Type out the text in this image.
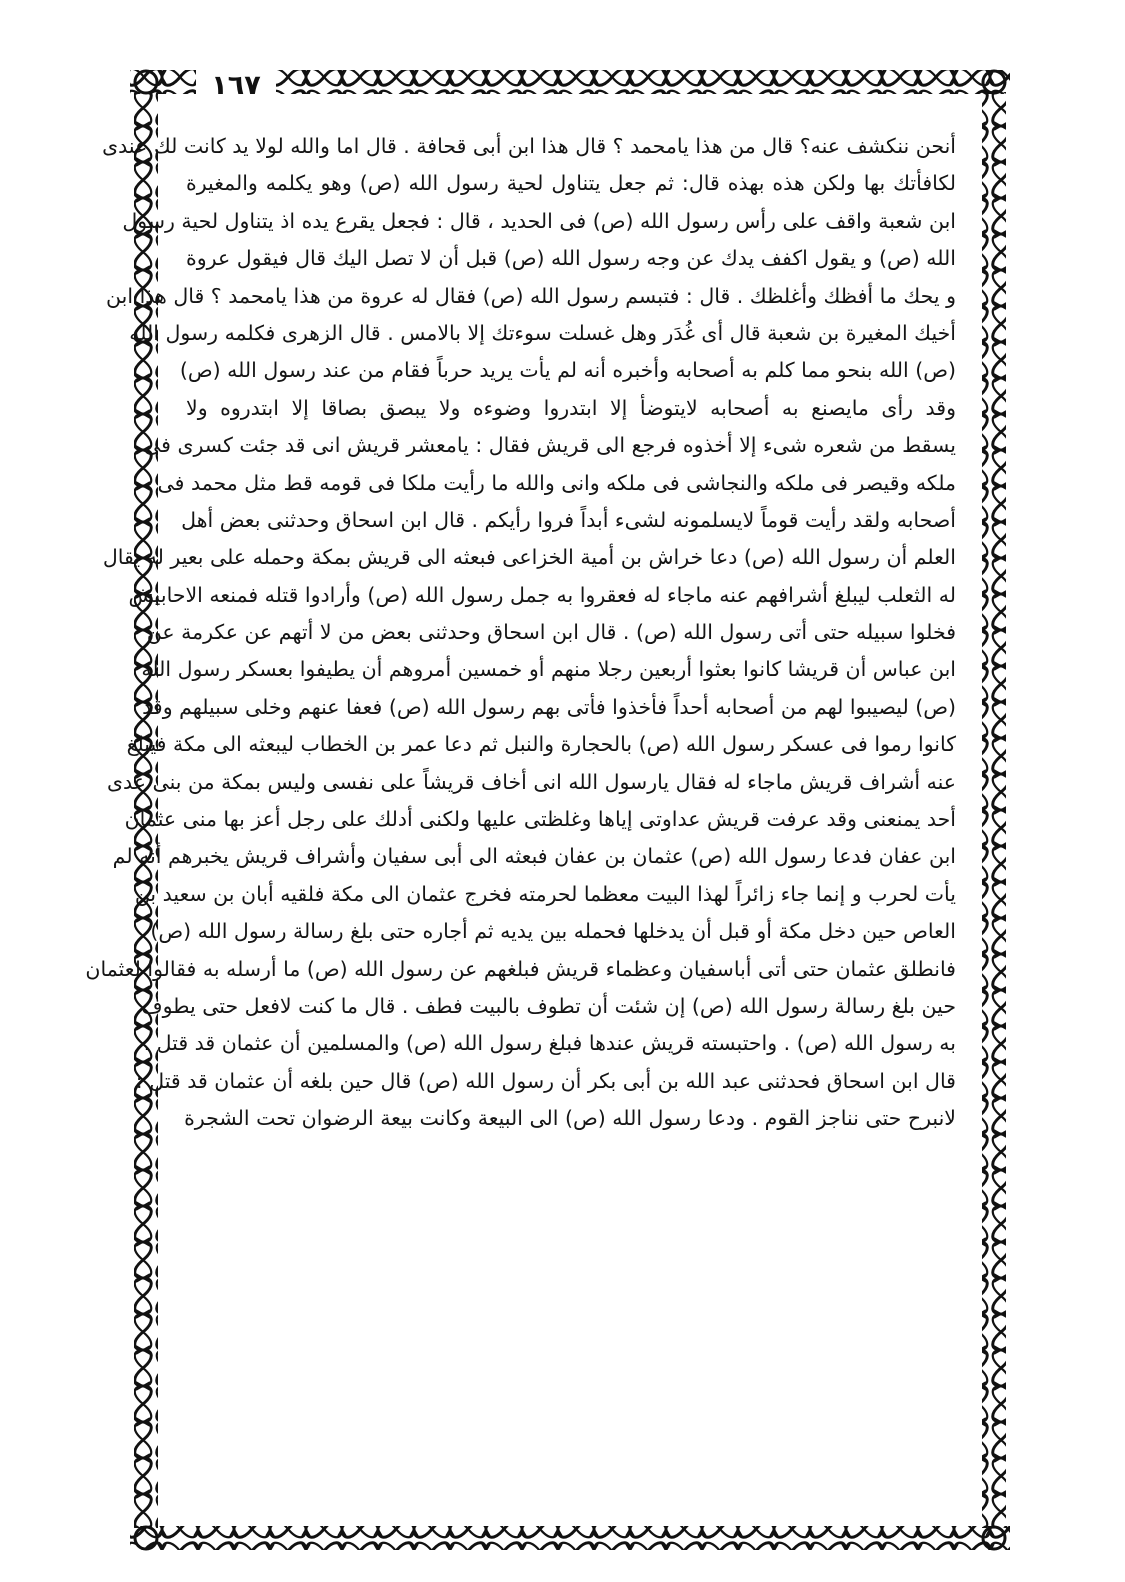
١٦٧
أنحن ننكشف عنه؟ قال من هذا يامحمد ؟ قال هذا ابن أبى قحافة . قال اما والله لولا يد كانت لك عندى
لكافأتك بها ولكن هذه بهذه قال: ثم جعل يتناول لحية رسول الله (ص) وهو يكلمه والمغيرة
ابن شعبة واقف على رأس رسول الله (ص) فى الحديد ، قال : فجعل يقرع يده اذ يتناول لحية رسول
الله (ص) و يقول اكفف يدك عن وجه رسول الله (ص) قبل أن لا تصل اليك قال فيقول عروة
و يحك ما أفظك وأغلظك . قال : فتبسم رسول الله (ص) فقال له عروة من هذا يامحمد ؟ قال هذا ابن
أخيك المغيرة بن شعبة قال أى غُدَر وهل غسلت سوءتك إلا بالامس . قال الزهرى فكلمه رسول الله
(ص) الله بنحو مما كلم به أصحابه وأخبره أنه لم يأت يريد حرباً فقام من عند رسول الله (ص)
وقد رأى مايصنع به أصحابه لايتوضأ إلا ابتدروا وضوءه ولا يبصق بصاقا إلا ابتدروه ولا
يسقط من شعره شىء إلا أخذوه فرجع الى قريش فقال : يامعشر قريش انى قد جئت كسرى فى
ملكه وقيصر فى ملكه والنجاشى فى ملكه وانى والله ما رأيت ملكا فى قومه قط مثل محمد فى
أصحابه ولقد رأيت قوماً لايسلمونه لشىء أبداً فروا رأيكم . قال ابن اسحاق وحدثنى بعض أهل
العلم أن رسول الله (ص) دعا خراش بن أمية الخزاعى فبعثه الى قريش بمكة وحمله على بعير له يقال
له الثعلب ليبلغ أشرافهم عنه ماجاء له فعقروا به جمل رسول الله (ص) وأرادوا قتله فمنعه الاحابيش
فخلوا سبيله حتى أتى رسول الله (ص) . قال ابن اسحاق وحدثنى بعض من لا أتهم عن عكرمة عن
ابن عباس أن قريشا كانوا بعثوا أربعين رجلا منهم أو خمسين أمروهم أن يطيفوا بعسكر رسول الله
(ص) ليصيبوا لهم من أصحابه أحداً فأخذوا فأتى بهم رسول الله (ص) فعفا عنهم وخلى سبيلهم وقد
كانوا رموا فى عسكر رسول الله (ص) بالحجارة والنبل ثم دعا عمر بن الخطاب ليبعثه الى مكة فيبلغ
عنه أشراف قريش ماجاء له فقال يارسول الله انى أخاف قريشاً على نفسى وليس بمكة من بنى عدى
أحد يمنعنى وقد عرفت قريش عداوتى إياها وغلظتى عليها ولكنى أدلك على رجل أعز بها منى عثمان
ابن عفان فدعا رسول الله (ص) عثمان بن عفان فبعثه الى أبى سفيان وأشراف قريش يخبرهم أنه لم
يأت لحرب و إنما جاء زائراً لهذا البيت معظما لحرمته فخرج عثمان الى مكة فلقيه أبان بن سعيد بن
العاص حين دخل مكة أو قبل أن يدخلها فحمله بين يديه ثم أجاره حتى بلغ رسالة رسول الله (ص)
فانطلق عثمان حتى أتى أباسفيان وعظماء قريش فبلغهم عن رسول الله (ص) ما أرسله به فقالوا لعثمان
حين بلغ رسالة رسول الله (ص) إن شئت أن تطوف بالبيت فطف . قال ما كنت لافعل حتى يطوف
به رسول الله (ص) . واحتبسته قريش عندها فبلغ رسول الله (ص) والمسلمين أن عثمان قد قتل .
قال ابن اسحاق فحدثنى عبد الله بن أبى بكر أن رسول الله (ص) قال حين بلغه أن عثمان قد قتل :
لانبرح حتى نناجز القوم . ودعا رسول الله (ص) الى البيعة وكانت بيعة الرضوان تحت الشجرة
